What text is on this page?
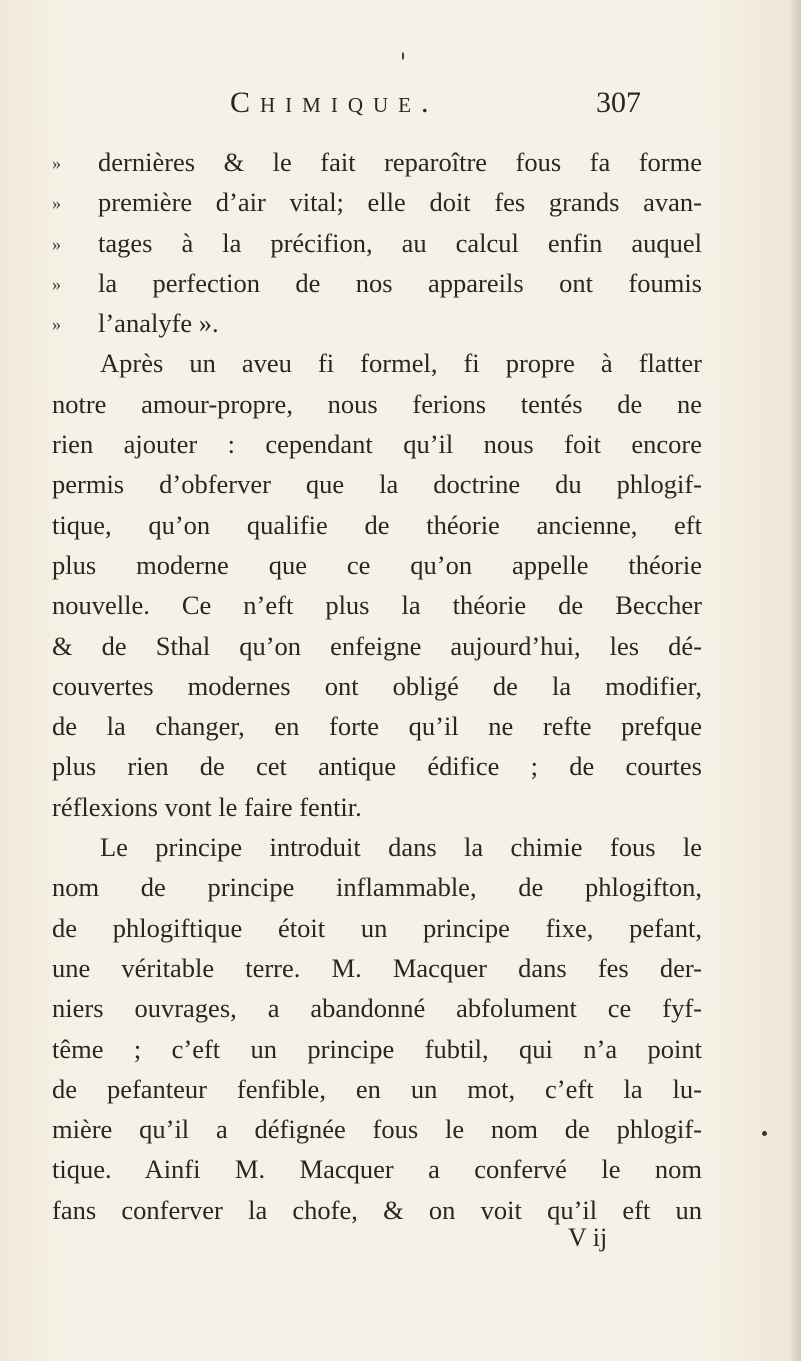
Chimique.	307
» dernières & le fait reparoître fous fa forme
» première d’air vital; elle doit fes grands avan-
» tages à la précifion, au calcul enfin auquel
» la perfection de nos appareils ont foumis
» l’analyfe ».
Après un aveu fi formel, fi propre à flatter
notre amour-propre, nous ferions tentés de ne
rien ajouter : cependant qu’il nous foit encore
permis d’obferver que la doctrine du phlogif-
tique, qu’on qualifie de théorie ancienne, eft
plus moderne que ce qu’on appelle théorie
nouvelle. Ce n’eft plus la théorie de Beccher
& de Sthal qu’on enfeigne aujourd’hui, les dé-
couvertes modernes ont obligé de la modifier,
de la changer, en forte qu’il ne refte prefque
plus rien de cet antique édifice ; de courtes
réflexions vont le faire fentir.
Le principe introduit dans la chimie fous le
nom de principe inflammable, de phlogifton,
de phlogiftique étoit un principe fixe, pefant,
une véritable terre. M. Macquer dans fes der-
niers ouvrages, a abandonné abfolument ce fyf-
tême ; c’eft un principe fubtil, qui n’a point
de pefanteur fenfible, en un mot, c’eft la lu-
mière qu’il a défignée fous le nom de phlogif-
tique. Ainfi M. Macquer a confervé le nom
fans conferver la chofe, & on voit qu’il eft un
V ij
